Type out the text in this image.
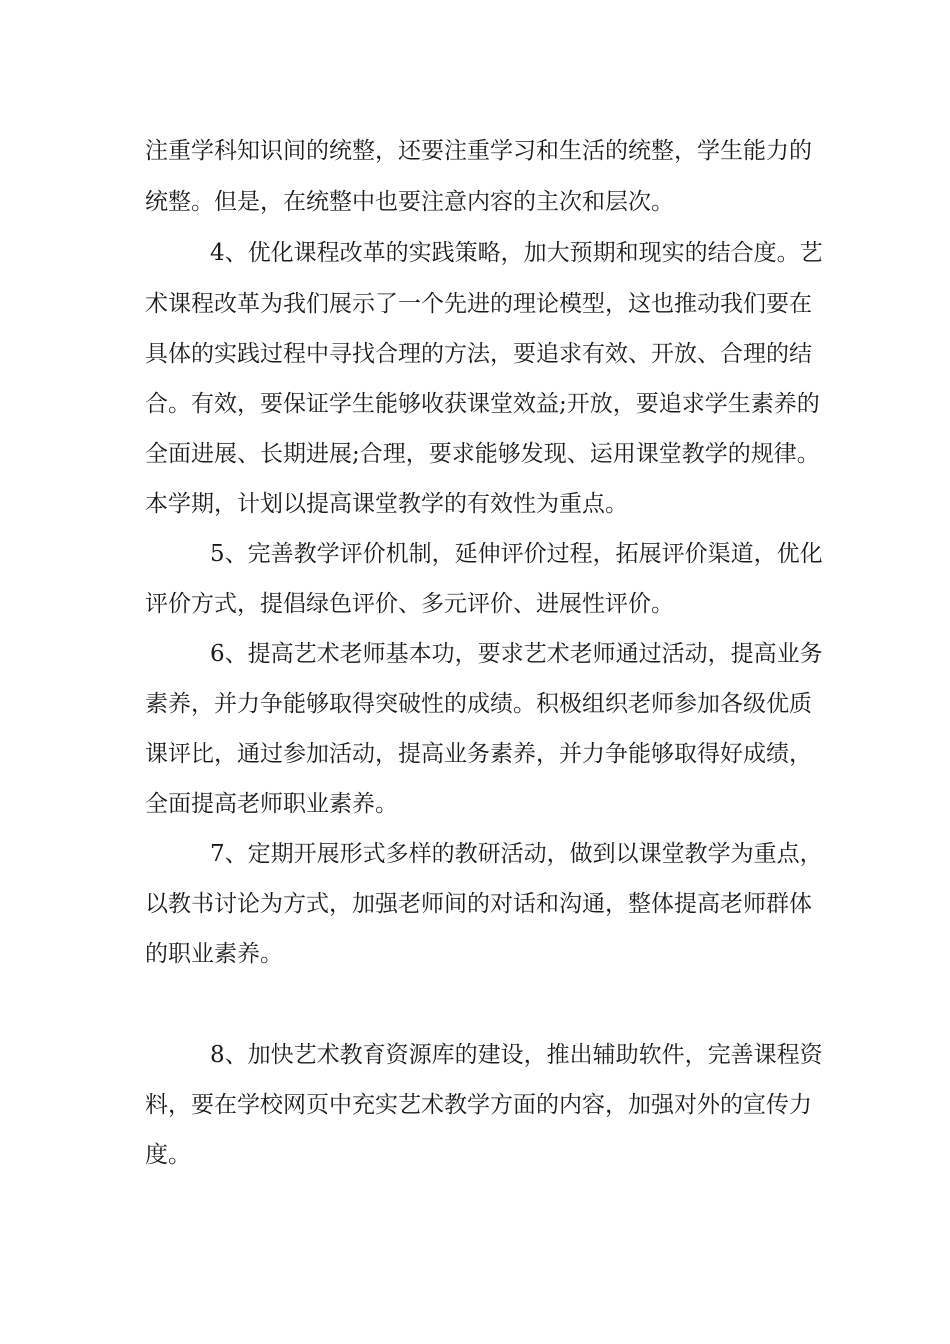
注重学科知识间的统整，还要注重学习和生活的统整，学生能力的

统整。但是，在统整中也要注意内容的主次和层次。

4、优化课程改革的实践策略，加大预期和现实的结合度。艺

术课程改革为我们展示了一个先进的理论模型，这也推动我们要在

具体的实践过程中寻找合理的方法，要追求有效、开放、合理的结

合。有效，要保证学生能够收获课堂效益;开放，要追求学生素养的

全面进展、长期进展;合理，要求能够发现、运用课堂教学的规律。

本学期，计划以提高课堂教学的有效性为重点。

5、完善教学评价机制，延伸评价过程，拓展评价渠道，优化

评价方式，提倡绿色评价、多元评价、进展性评价。

6、提高艺术老师基本功，要求艺术老师通过活动，提高业务

素养，并力争能够取得突破性的成绩。积极组织老师参加各级优质

课评比，通过参加活动，提高业务素养，并力争能够取得好成绩，

全面提高老师职业素养。

7、定期开展形式多样的教研活动，做到以课堂教学为重点，

以教书讨论为方式，加强老师间的对话和沟通，整体提高老师群体

的职业素养。

8、加快艺术教育资源库的建设，推出辅助软件，完善课程资

料，要在学校网页中充实艺术教学方面的内容，加强对外的宣传力

度。
